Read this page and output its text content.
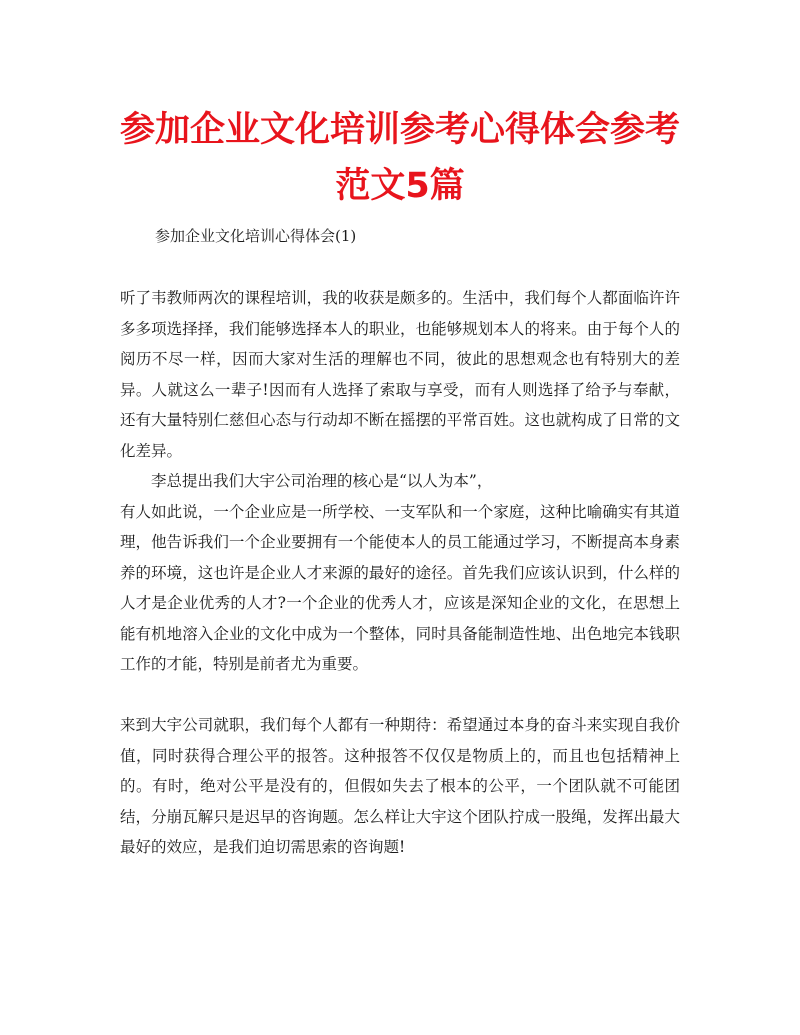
参加企业文化培训参考心得体会参考范文5篇

参加企业文化培训心得体会(1)

听了韦教师两次的课程培训，我的收获是颇多的。生活中，我们每个人都面临许许多多项选择择，我们能够选择本人的职业，也能够规划本人的将来。由于每个人的阅历不尽一样，因而大家对生活的理解也不同，彼此的思想观念也有特别大的差异。人就这么一辈子!因而有人选择了索取与享受，而有人则选择了给予与奉献，还有大量特别仁慈但心态与行动却不断在摇摆的平常百姓。这也就构成了日常的文化差异。

李总提出我们大宇公司治理的核心是“以人为本”，
有人如此说，一个企业应是一所学校、一支军队和一个家庭，这种比喻确实有其道理，他告诉我们一个企业要拥有一个能使本人的员工能通过学习，不断提高本身素养的环境，这也许是企业人才来源的最好的途径。首先我们应该认识到，什么样的人才是企业优秀的人才?一个企业的优秀人才，应该是深知企业的文化，在思想上能有机地溶入企业的文化中成为一个整体，同时具备能制造性地、出色地完本钱职工作的才能，特别是前者尤为重要。

来到大宇公司就职，我们每个人都有一种期待：希望通过本身的奋斗来实现自我价值，同时获得合理公平的报答。这种报答不仅仅是物质上的，而且也包括精神上的。有时，绝对公平是没有的，但假如失去了根本的公平，一个团队就不可能团结，分崩瓦解只是迟早的咨询题。怎么样让大宇这个团队拧成一股绳，发挥出最大最好的效应，是我们迫切需思索的咨询题!
